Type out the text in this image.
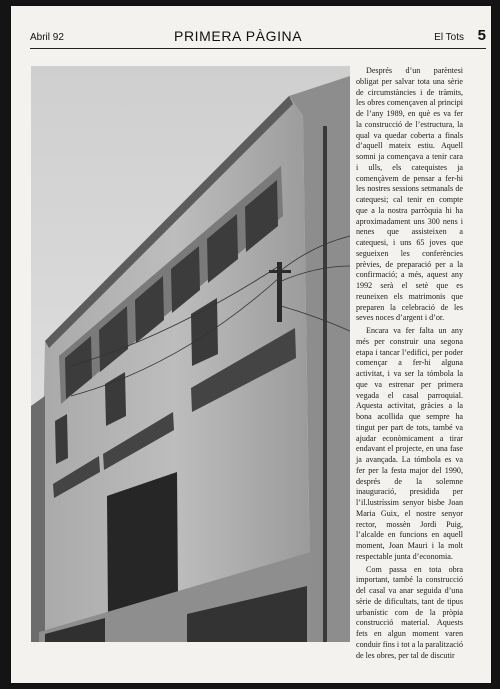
Abril 92	PRIMERA PÀGINA	El Tots 5

Després d’un parèntesi obligat per salvar tota una sèrie de circumstàncies i de tràmits, les obres començaven al principi de l’any 1989, en què es va fer la construcció de l’estructura, la qual va quedar coberta a finals d’aquell mateix estiu. Aquell somni ja començava a tenir cara i ulls, els catequistes ja començàvem de pensar a fer-hi les nostres sessions setmanals de catequesi; cal tenir en compte que a la nostra parròquia hi ha aproximadament uns 300 nens i nenes que assisteixen a catequesi, i uns 65 joves que segueixen les conferències prèvies, de preparació per a la confirmació; a més, aquest any 1992 serà el setè que es reuneixen els matrimonis que preparen la celebració de les seves noces d’argent i d’or.

Encara va fer falta un any més per construir una segona etapa i tancar l’edifici, per poder començar a fer-hi alguna activitat, i va ser la tómbola la que va estrenar per primera vegada el casal parroquial. Aquesta activitat, gràcies a la bona acollida que sempre ha tingut per part de tots, també va ajudar econòmicament a tirar endavant el projecte, en una fase ja avançada. La tómbola es va fer per la festa major del 1990, després de la solemne inauguració, presidida per l’il.lustríssim senyor bisbe Joan Maria Guix, el nostre senyor rector, mossèn Jordi Puig, l’alcalde en funcions en aquell moment, Joan Mauri i la molt respectable junta d’economia.

Com passa en tota obra important, també la construcció del casal va anar seguida d’una sèrie de dificultats, tant de tipus urbanístic com de la pròpia construcció material. Aquests fets en algun moment varen conduir fins i tot a la paralització de les obres, per tal de discutir
